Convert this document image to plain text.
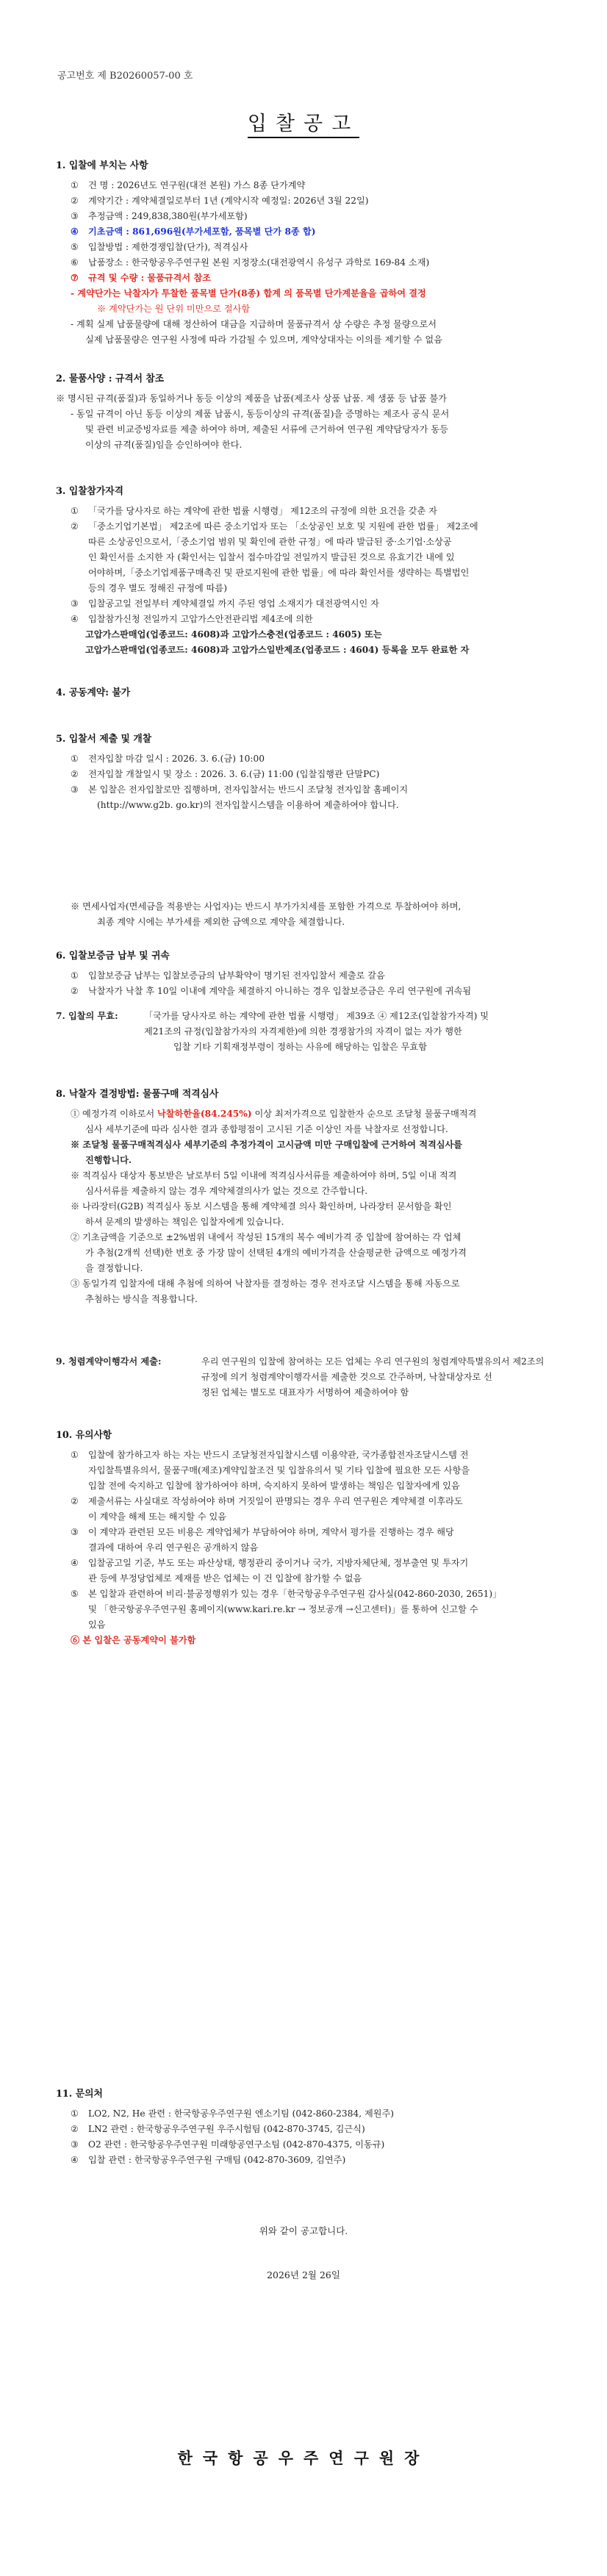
공고번호 제 B20260057-00 호
입찰공고
1. 입찰에 부치는 사항
①	건 명 : 2026년도 연구원(대전 본원) 가스 8종 단가계약
②	계약기간 : 계약체결일로부터 1년 (계약시작 예정일: 2026년 3월 22일)
③	추정금액 : 249,838,380원(부가세포함)
④	기초금액 : 861,696원(부가세포함, 품목별 단가 8종 합)
⑤	입찰방법 : 제한경쟁입찰(단가), 적격심사
⑥	납품장소 : 한국항공우주연구원 본원 지정장소(대전광역시 유성구 과학로 169-84 소재)
⑦	규격 및 수량 : 물품규격서 참조
- 계약단가는 낙찰자가 투찰한 품목별 단가(8종) 합계 의 품목별 단가계분율을 곱하여 결정
※ 계약단가는 원 단위 미만으로 절사함
- 계획 실제 납품물량에 대해 정산하여 대금을 지급하며 물품규격서 상 수량은 추정 물량으로서
실제 납품물량은 연구원 사정에 따라 가감될 수 있으며, 계약상대자는 이의를 제기할 수 없음
2. 물품사양 : 규격서 참조
※ 명시된 규격(품질)과 동일하거나 동등 이상의 제품을 납품(제조사 상품 납품. 제 생품 등 납품 불가
- 동일 규격이 아닌 동등 이상의 제품 납품시, 동등이상의 규격(품질)을 증명하는 제조사 공식 문서
및 관련 비교증빙자료를 제출 하여야 하며, 제출된 서류에 근거하여 연구원 계약담당자가 동등
이상의 규격(품질)임을 승인하여야 한다.
3. 입찰참가자격
①	「국가를 당사자로 하는 계약에 관한 법률 시행령」 제12조의 규정에 의한 요건을 갖춘 자
②	「중소기업기본법」 제2조에 따른 중소기업자 또는 「소상공인 보호 및 지원에 관한 법률」 제2조에
따른 소상공인으로서,「중소기업 범위 및 확인에 관한 규정」에 따라 발급된 중·소기업·소상공
인 확인서를 소지한 자 (확인서는 입찰서 접수마감일 전일까지 발급된 것으로 유효기간 내에 있
어야하며,「중소기업제품구매촉진 및 판로지원에 관한 법률」에 따라 확인서를 생략하는 특별법인
등의 경우 별도 정해진 규정에 따름)
③	입찰공고일 전일부터 계약체결일 까지 주된 영업 소재지가 대전광역시인 자
④	입찰참가신청 전일까지 고압가스안전관리법 제4조에 의한
고압가스판매업(업종코드: 4608)과 고압가스충전(업종코드 : 4605) 또는
고압가스판매업(업종코드: 4608)과 고압가스일반제조(업종코드 : 4604) 등록을 모두 완료한 자
4. 공동계약: 불가
5. 입찰서 제출 및 개찰
①	전자입찰 마감 일시 : 2026. 3. 6.(금) 10:00
②	전자입찰 개찰일시 및 장소 : 2026. 3. 6.(금) 11:00 (입찰집행관 단말PC)
③	본 입찰은 전자입찰로만 집행하며, 전자입찰서는 반드시 조달청 전자입찰 홈페이지
(http://www.g2b. go.kr)의 전자입찰시스템을 이용하여 제출하여야 합니다.
※ 면세사업자(면세금을 적용받는 사업자)는 반드시 부가가치세를 포함한 가격으로 투찰하여야 하며,
최종 계약 시에는 부가세를 제외한 금액으로 계약을 체결합니다.
6. 입찰보증금 납부 및 귀속
①	입찰보증금 납부는 입찰보증금의 납부확약이 명기된 전자입찰서 제출로 갈음
②	낙찰자가 낙찰 후 10일 이내에 계약을 체결하지 아니하는 경우 입찰보증금은 우리 연구원에 귀속됨
7. 입찰의 무효:	「국가를 당사자로 하는 계약에 관한 법률 시행령」 제39조 ④ 제12조(입찰참가자격) 및
제21조의 규정(입찰참가자의 자격제한)에 의한 경쟁참가의 자격이 없는 자가 행한
입찰 기타 기획재정부령이 정하는 사유에 해당하는 입찰은 무효함
8. 낙찰자 결정방법: 물품구매 적격심사
① 예정가격 이하로서 낙찰하한율(84.245%) 이상 최저가격으로 입찰한자 순으로 조달청 물품구매적격
심사 세부기준에 따라 심사한 결과 종합평점이 고시된 기준 이상인 자를 낙찰자로 선정합니다.
※ 조달청 물품구매적격심사 세부기준의 추정가격이 고시금액 미만 구매입찰에 근거하여 적격심사를
진행합니다.
※ 적격심사 대상자 통보받은 날로부터 5일 이내에 적격심사서류를 제출하여야 하며, 5일 이내 적격
심사서류를 제출하지 않는 경우 계약체결의사가 없는 것으로 간주합니다.
※ 나라장터(G2B) 적격심사 동보 시스템을 통해 계약체결 의사 확인하며, 나라장터 문서함을 확인
하셔 문제의 발생하는 책임은 입찰자에게 있습니다.
② 기초금액을 기준으로 ±2%범위 내에서 작성된 15개의 복수 예비가격 중 입찰에 참여하는 각 업체
가 추첨(2개씩 선택)한 번호 중 가장 많이 선택된 4개의 예비가격을 산술평균한 금액으로 예정가격
을 결정합니다.
③ 동일가격 입찰자에 대해 추첨에 의하여 낙찰자를 결정하는 경우 전자조달 시스템을 통해 자동으로
추첨하는 방식을 적용합니다.
9. 청렴계약이행각서 제출:	우리 연구원의 입찰에 참여하는 모든 업체는 우리 연구원의 청렴계약특별유의서 제2조의
규정에 의거 청렴계약이행각서를 제출한 것으로 간주하며, 낙찰대상자로 선
정된 업체는 별도로 대표자가 서명하여 제출하여야 함
10. 유의사항
①	입찰에 참가하고자 하는 자는 반드시 조달청전자입찰시스템 이용약관, 국가종합전자조달시스템 전
자입찰특별유의서, 물품구매(제조)계약입찰조건 및 입찰유의서 및 기타 입찰에 필요한 모든 사항을
입찰 전에 숙지하고 입찰에 참가하여야 하며, 숙지하지 못하여 발생하는 책임은 입찰자에게 있음
②	제출서류는 사실대로 작성하여야 하며 거짓일이 판명되는 경우 우리 연구원은 계약체결 이후라도
이 계약을 해제 또는 해지할 수 있음
③	이 계약과 관련된 모든 비용은 계약업체가 부담하여야 하며, 계약서 평가를 진행하는 경우 해당
결과에 대하여 우리 연구원은 공개하지 않음
④	입찰공고일 기준, 부도 또는 파산상태, 행정관리 중이거나 국가, 지방자체단체, 정부출연 및 투자기
관 등에 부정당업체로 제재를 받은 업체는 이 건 입찰에 참가할 수 없음
⑤	본 입찰과 관련하여 비리·불공정행위가 있는 경우「한국항공우주연구원 감사실(042-860-2030, 2651)」
및 「한국항공우주연구원 홈페이지(www.kari.re.kr → 정보공개 →신고센터)」를 통하여 신고할 수
있음
⑥ 본 입찰은 공동계약이 불가함
11. 문의처
①	LO2, N2, He 관련 : 한국항공우주연구원 엔소기팀 (042-860-2384, 제원주)
②	LN2 관련 : 한국항공우주연구원 우주시험팀 (042-870-3745, 김근식)
③	O2 관련 : 한국항공우주연구원 미래항공연구소팀 (042-870-4375, 이동규)
④	입찰 관련 : 한국항공우주연구원 구매팀 (042-870-3609, 김연주)
위와 같이 공고합니다.
2026년 2월 26일
한국항공우주연구원장
